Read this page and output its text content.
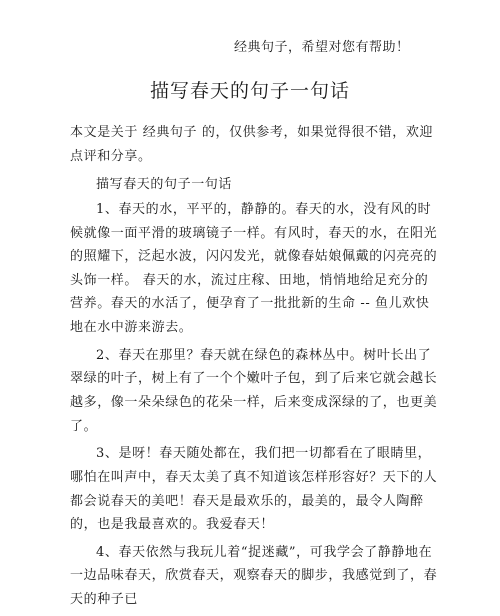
经典句子，希望对您有帮助！
描写春天的句子一句话

本文是关于 经典句子 的，仅供参考，如果觉得很不错，欢迎点评和分享。

描写春天的句子一句话

1、春天的水，平平的，静静的。春天的水，没有风的时候就像一面平滑的玻璃镜子一样。有风时，春天的水，在阳光的照耀下，泛起水波，闪闪发光，就像春姑娘佩戴的闪亮亮的头饰一样。 春天的水，流过庄稼、田地，悄悄地给足充分的营养。春天的水活了，便孕育了一批批新的生命 -- 鱼儿欢快地在水中游来游去。

2、春天在那里？春天就在绿色的森林丛中。树叶长出了翠绿的叶子，树上有了一个个嫩叶子包，到了后来它就会越长越多，像一朵朵绿色的花朵一样，后来变成深绿的了，也更美了。

3、是呀！春天随处都在，我们把一切都看在了眼睛里，哪怕在叫声中，春天太美了真不知道该怎样形容好？天下的人都会说春天的美吧！春天是最欢乐的，最美的，最令人陶醉的，也是我最喜欢的。我爱春天！

4、春天依然与我玩儿着“捉迷藏”，可我学会了静静地在一边品味春天，欣赏春天，观察春天的脚步，我感觉到了，春天的种子已
